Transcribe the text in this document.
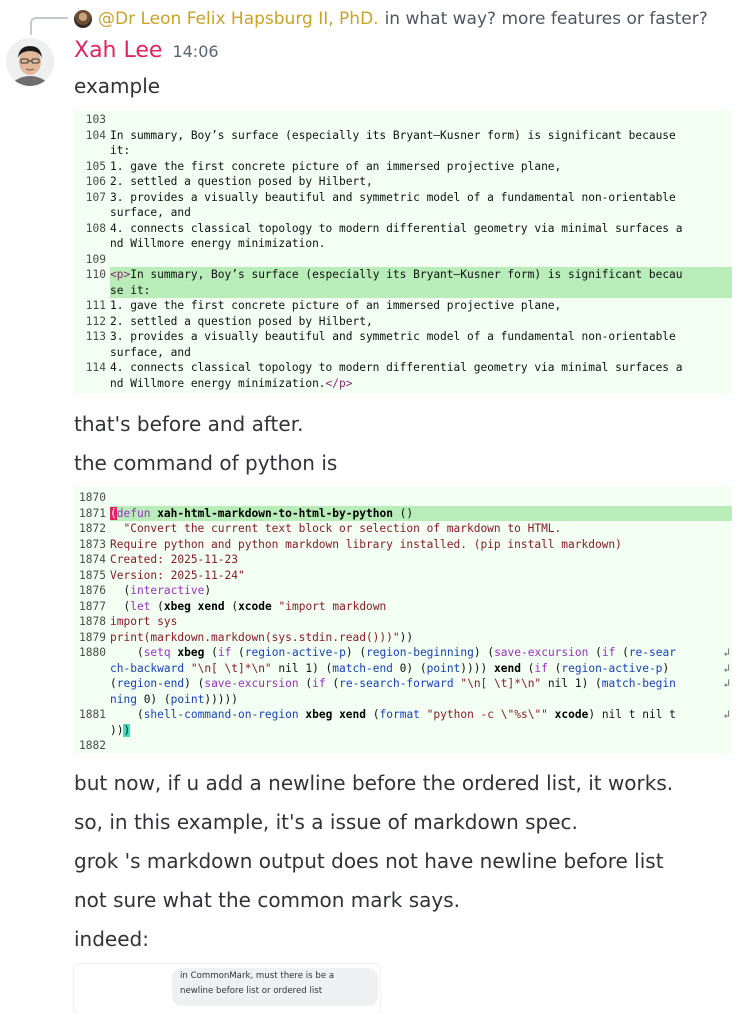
@Dr Leon Felix Hapsburg II, PhD. in what way? more features or faster?
Xah Lee 14:06
example
103
104 In summary, Boy’s surface (especially its Bryant–Kusner form) is significant because
it:
105 1. gave the first concrete picture of an immersed projective plane,
106 2. settled a question posed by Hilbert,
107 3. provides a visually beautiful and symmetric model of a fundamental non-orientable
surface, and
108 4. connects classical topology to modern differential geometry via minimal surfaces a
nd Willmore energy minimization.
109
110 <p>In summary, Boy’s surface (especially its Bryant–Kusner form) is significant becau
se it:
111 1. gave the first concrete picture of an immersed projective plane,
112 2. settled a question posed by Hilbert,
113 3. provides a visually beautiful and symmetric model of a fundamental non-orientable
surface, and
114 4. connects classical topology to modern differential geometry via minimal surfaces a
nd Willmore energy minimization.</p>
that's before and after.
the command of python is
1870
1871 (defun xah-html-markdown-to-html-by-python ()
1872 "Convert the current text block or selection of markdown to HTML.
1873 Require python and python markdown library installed. (pip install markdown)
1874 Created: 2025-11-23
1875 Version: 2025-11-24"
1876 (interactive)
1877 (let (xbeg xend (xcode "import markdown
1878 import sys
1879 print(markdown.markdown(sys.stdin.read()))"))
1880 (setq xbeg (if (region-active-p) (region-beginning) (save-excursion (if (re-sear	↲
ch-backward "\n[ \t]*\n" nil 1) (match-end 0) (point)))) xend (if (region-active-p)	↲
(region-end) (save-excursion (if (re-search-forward "\n[ \t]*\n" nil 1) (match-begin	↲
ning 0) (point)))))
1881 (shell-command-on-region xbeg xend (format "python -c \"%s\"" xcode) nil t nil t	↲
)))
1882
but now, if u add a newline before the ordered list, it works.
so, in this example, it's a issue of markdown spec.
grok 's markdown output does not have newline before list
not sure what the common mark says.
indeed:
in CommonMark, must there is be a newline before list or ordered list
